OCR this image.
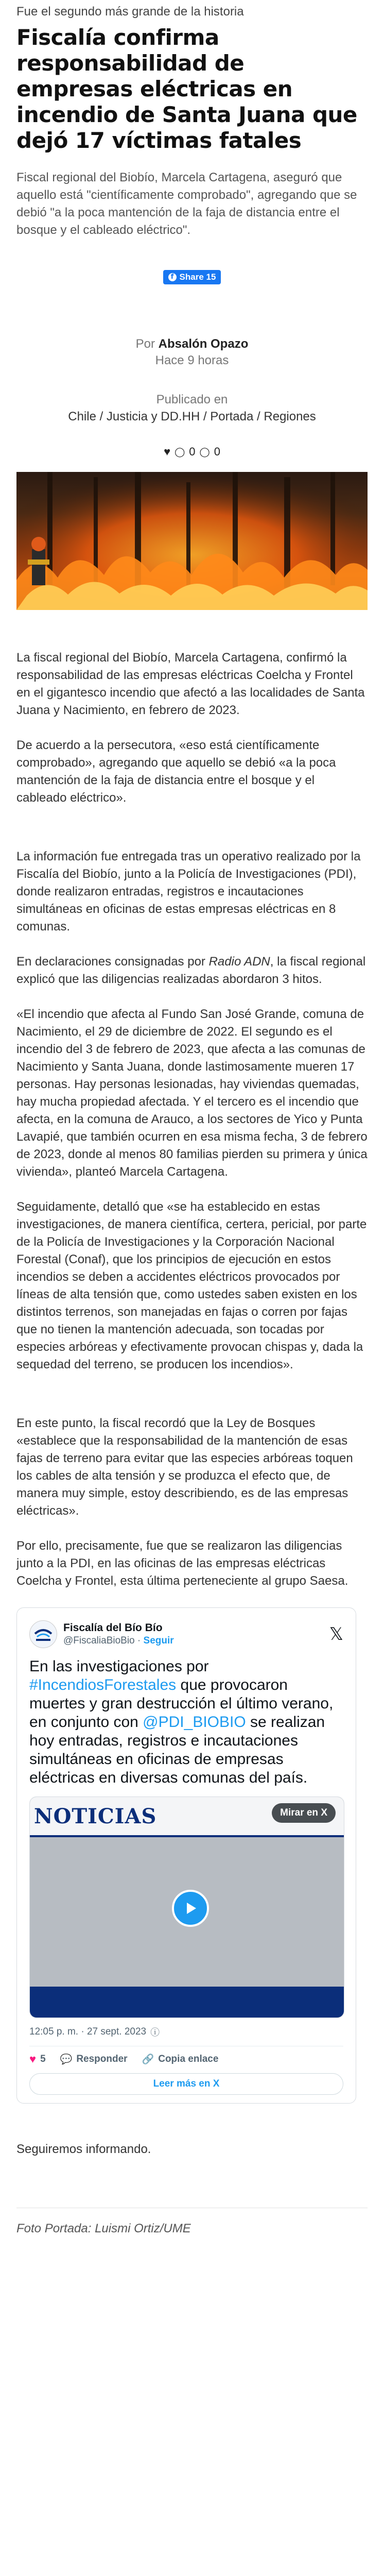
Fue el segundo más grande de la historia
Fiscalía confirma responsabilidad de empresas eléctricas en incendio de Santa Juana que dejó 17 víctimas fatales

Fiscal regional del Biobío, Marcela Cartagena, aseguró que aquello está "científicamente comprobado", agregando que se debió "a la poca mantención de la faja de distancia entre el bosque y el cableado eléctrico".

f Share 15
Por Absalón Opazo
Hace 9 horas
Publicado en
Chile / Justicia y DD.HH / Portada / Regiones
♥ ◯ 0 ◯ 0

La fiscal regional del Biobío, Marcela Cartagena, confirmó la responsabilidad de las empresas eléctricas Coelcha y Frontel en el gigantesco incendio que afectó a las localidades de Santa Juana y Nacimiento, en febrero de 2023.

De acuerdo a la persecutora, «eso está científicamente comprobado», agregando que aquello se debió «a la poca mantención de la faja de distancia entre el bosque y el cableado eléctrico».

La información fue entregada tras un operativo realizado por la Fiscalía del Biobío, junto a la Policía de Investigaciones (PDI), donde realizaron entradas, registros e incautaciones simultáneas en oficinas de estas empresas eléctricas en 8 comunas.

En declaraciones consignadas por Radio ADN, la fiscal regional explicó que las diligencias realizadas abordaron 3 hitos.

«El incendio que afecta al Fundo San José Grande, comuna de Nacimiento, el 29 de diciembre de 2022. El segundo es el incendio del 3 de febrero de 2023, que afecta a las comunas de Nacimiento y Santa Juana, donde lastimosamente mueren 17 personas. Hay personas lesionadas, hay viviendas quemadas, hay mucha propiedad afectada. Y el tercero es el incendio que afecta, en la comuna de Arauco, a los sectores de Yico y Punta Lavapié, que también ocurren en esa misma fecha, 3 de febrero de 2023, donde al menos 80 familias pierden su primera y única vivienda», planteó Marcela Cartagena.

Seguidamente, detalló que «se ha establecido en estas investigaciones, de manera científica, certera, pericial, por parte de la Policía de Investigaciones y la Corporación Nacional Forestal (Conaf), que los principios de ejecución en estos incendios se deben a accidentes eléctricos provocados por líneas de alta tensión que, como ustedes saben existen en los distintos terrenos, son manejadas en fajas o corren por fajas que no tienen la mantención adecuada, son tocadas por especies arbóreas y efectivamente provocan chispas y, dada la sequedad del terreno, se producen los incendios».

En este punto, la fiscal recordó que la Ley de Bosques «establece que la responsabilidad de la mantención de esas fajas de terreno para evitar que las especies arbóreas toquen los cables de alta tensión y se produzca el efecto que, de manera muy simple, estoy describiendo, es de las empresas eléctricas».

Por ello, precisamente, fue que se realizaron las diligencias junto a la PDI, en las oficinas de las empresas eléctricas Coelcha y Frontel, esta última perteneciente al grupo Saesa.

Fiscalía del Bío Bío
@FiscaliaBioBio · Seguir	𝕏
En las investigaciones por #IncendiosForestales que provocaron muertes y gran destrucción el último verano, en conjunto con @PDI_BIOBIO se realizan hoy entradas, registros e incautaciones simultáneas en oficinas de empresas eléctricas en diversas comunas del país.
NOTICIAS	Mirar en X
12:05 p. m. · 27 sept. 2023 ⓘ
♥ 5 💬 Responder 🔗 Copia enlace
Leer más en X

Seguiremos informando.

Foto Portada: Luismi Ortiz/UME
